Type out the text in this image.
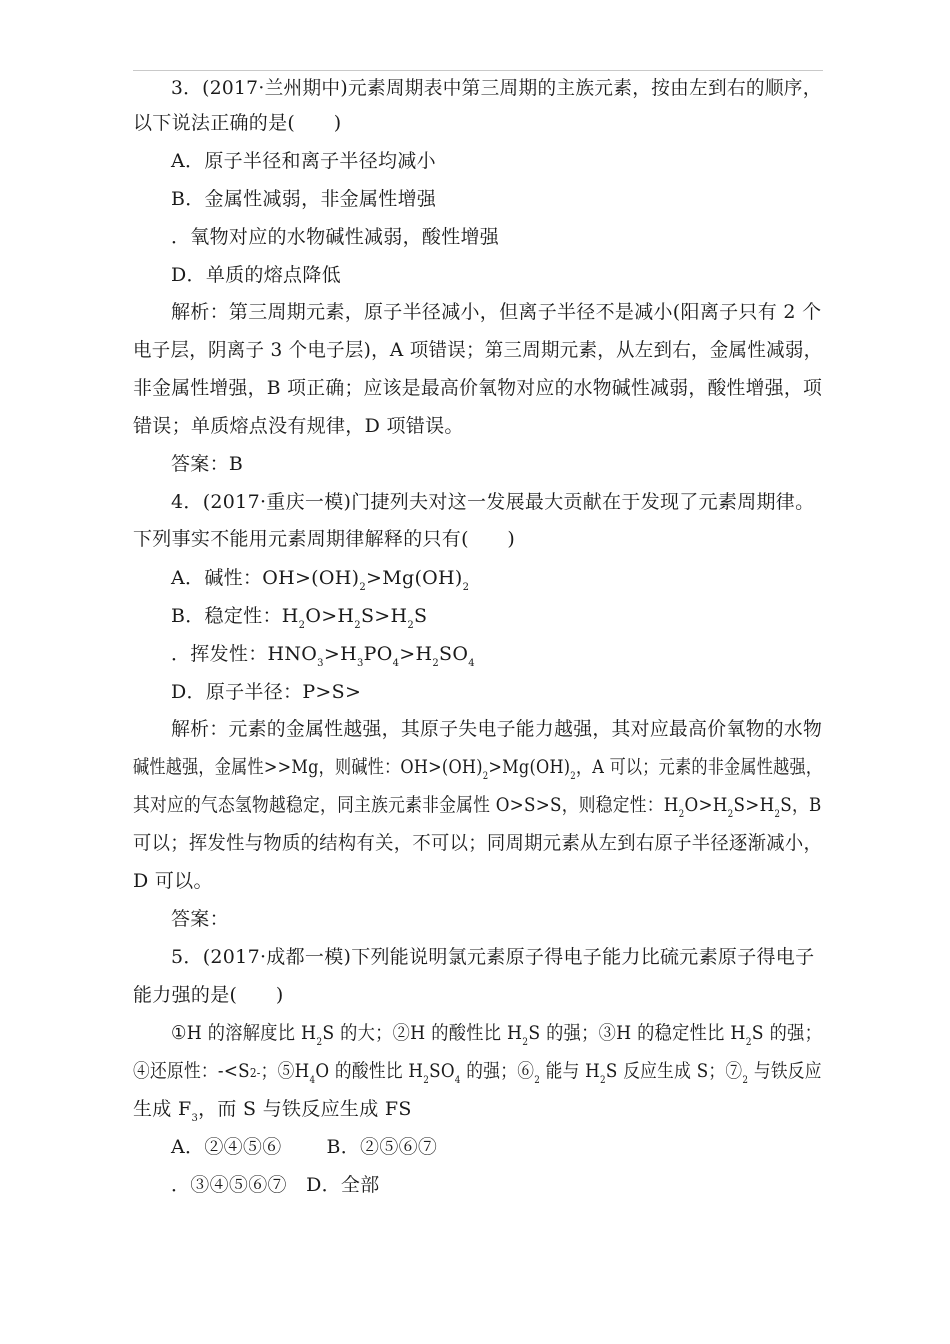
3．(2017·兰州期中)元素周期表中第三周期的主族元素，按由左到右的顺序，
以下说法正确的是(　　)
A．原子半径和离子半径均减小
B．金属性减弱，非金属性增强
．氧物对应的水物碱性减弱，酸性增强
D．单质的熔点降低
解析：第三周期元素，原子半径减小，但离子半径不是减小(阳离子只有 2 个
电子层，阴离子 3 个电子层)，A 项错误；第三周期元素，从左到右，金属性减弱，
非金属性增强，B 项正确；应该是最高价氧物对应的水物碱性减弱，酸性增强，项
错误；单质熔点没有规律，D 项错误。
答案：B
4．(2017·重庆一模)门捷列夫对这一发展最大贡献在于发现了元素周期律。
下列事实不能用元素周期律解释的只有(　　)
A．碱性：$OH>(OH)_2>Mg(OH)_2$
B．稳定性：$H_2O>H_2S>H_2S$
．挥发性：$HNO_3>H_3PO_4>H_2SO_4$
D．原子半径：P>S>
解析：元素的金属性越强，其原子失电子能力越强，其对应最高价氧物的水物
碱性越强，金属性>>Mg，则碱性：$OH>(OH)_2>Mg(OH)_2$，A 可以；元素的非金属性越强，
其对应的气态氢物越稳定，同主族元素非金属性 O>S>S，则稳定性：$H_2O>H_2S>H_2S$，B
可以；挥发性与物质的结构有关，不可以；同周期元素从左到右原子半径逐渐减小，
D 可以。
答案：
5．(2017·成都一模)下列能说明氯元素原子得电子能力比硫元素原子得电子
能力强的是(　　)
①H 的溶解度比 $H_2S$ 的大；②H 的酸性比 $H_2S$ 的强；③H 的稳定性比 $H_2S$ 的强；
④还原性：-<S2-；$⑤H_4O$ 的酸性比 $H_2SO_4$ 的强；$⑥_2$ 能与 $H_2S$ 反应生成 S；$⑦_2$ 与铁反应
生成 $F_3$，而 S 与铁反应生成 FS
A．②④⑤⑥　　 B．②⑤⑥⑦
．③④⑤⑥⑦　D．全部
